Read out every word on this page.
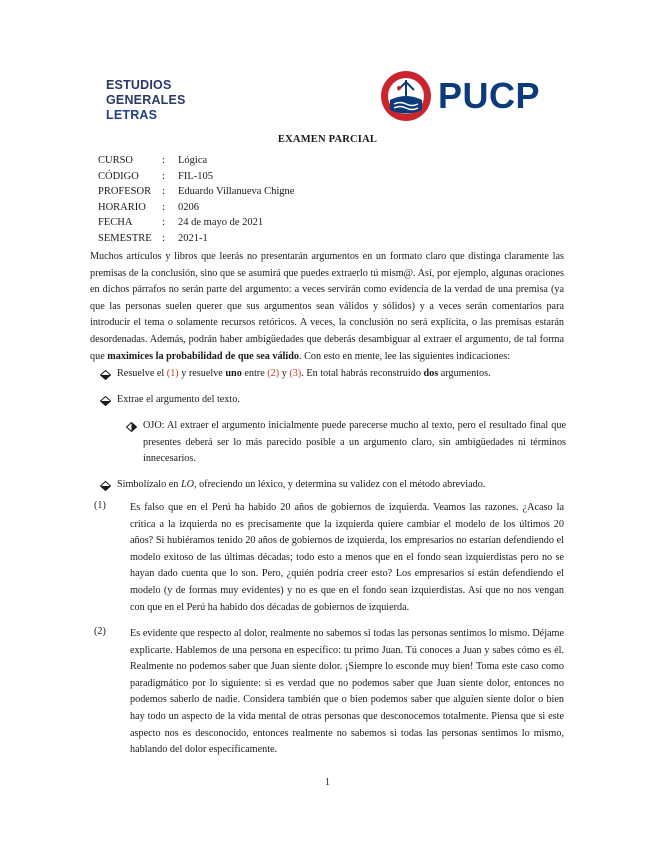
ESTUDIOS
GENERALES
LETRAS	PUCP
EXAMEN PARCIAL
CURSO	: Lógica
CÓDIGO : FIL-105
PROFESOR : Eduardo Villanueva Chigne
HORARIO : 0206
FECHA	: 24 de mayo de 2021
SEMESTRE : 2021-1

Muchos artículos y libros que leerás no presentarán argumentos en un formato claro que distinga claramente las premisas de la conclusión, sino que se asumirá que puedes extraerlo tú mism@. Así, por ejemplo, algunas oraciones en dichos párrafos no serán parte del argumento: a veces servirán como evidencia de la verdad de una premisa (ya que las personas suelen querer que sus argumentos sean válidos y sólidos) y a veces serán comentarios para introducir el tema o solamente recursos retóricos. A veces, la conclusión no será explícita, o las premisas estarán desordenadas. Además, podrán haber ambigüedades que deberás desambiguar al extraer el argumento, de tal forma que maximices la probabilidad de que sea válido. Con esto en mente, lee las siguientes indicaciones:

Resuelve el (1) y resuelve uno entre (2) y (3). En total habrás reconstruido dos argumentos.
Extrae el argumento del texto.
OJO: Al extraer el argumento inicialmente puede parecerse mucho al texto, pero el resultado final que presentes deberá ser lo más parecido posible a un argumento claro, sin ambigüedades ni términos innecesarios.
Simbolízalo en LO, ofreciendo un léxico, y determina su validez con el método abreviado.
(1)	Es falso que en el Perú ha habido 20 años de gobiernos de izquierda. Veamos las razones. ¿Acaso la crítica a la izquierda no es precisamente que la izquierda quiere cambiar el modelo de los últimos 20 años? Si hubiéramos tenido 20 años de gobiernos de izquierda, los empresarios no estarían defendiendo el modelo exitoso de las últimas décadas; todo esto a menos que en el fondo sean izquierdistas pero no se hayan dado cuenta que lo son. Pero, ¿quién podría creer esto? Los empresarios sí están defendiendo el modelo (y de formas muy evidentes) y no es que en el fondo sean izquierdistas. Así que no nos vengan con que en el Perú ha habido dos décadas de gobiernos de izquierda.
(2)	Es evidente que respecto al dolor, realmente no sabemos si todas las personas sentimos lo mismo. Déjame explicarte. Hablemos de una persona en específico: tu primo Juan. Tú conoces a Juan y sabes cómo es él. Realmente no podemos saber que Juan siente dolor. ¡Siempre lo esconde muy bien! Toma este caso como paradigmático por lo siguiente: si es verdad que no podemos saber que Juan siente dolor, entonces no podemos saberlo de nadie. Considera también que o bien podemos saber que alguien siente dolor o bien hay todo un aspecto de la vida mental de otras personas que desconocemos totalmente. Piensa que si este aspecto nos es desconocido, entonces realmente no sabemos si todas las personas sentimos lo mismo, hablando del dolor específicamente.
1
